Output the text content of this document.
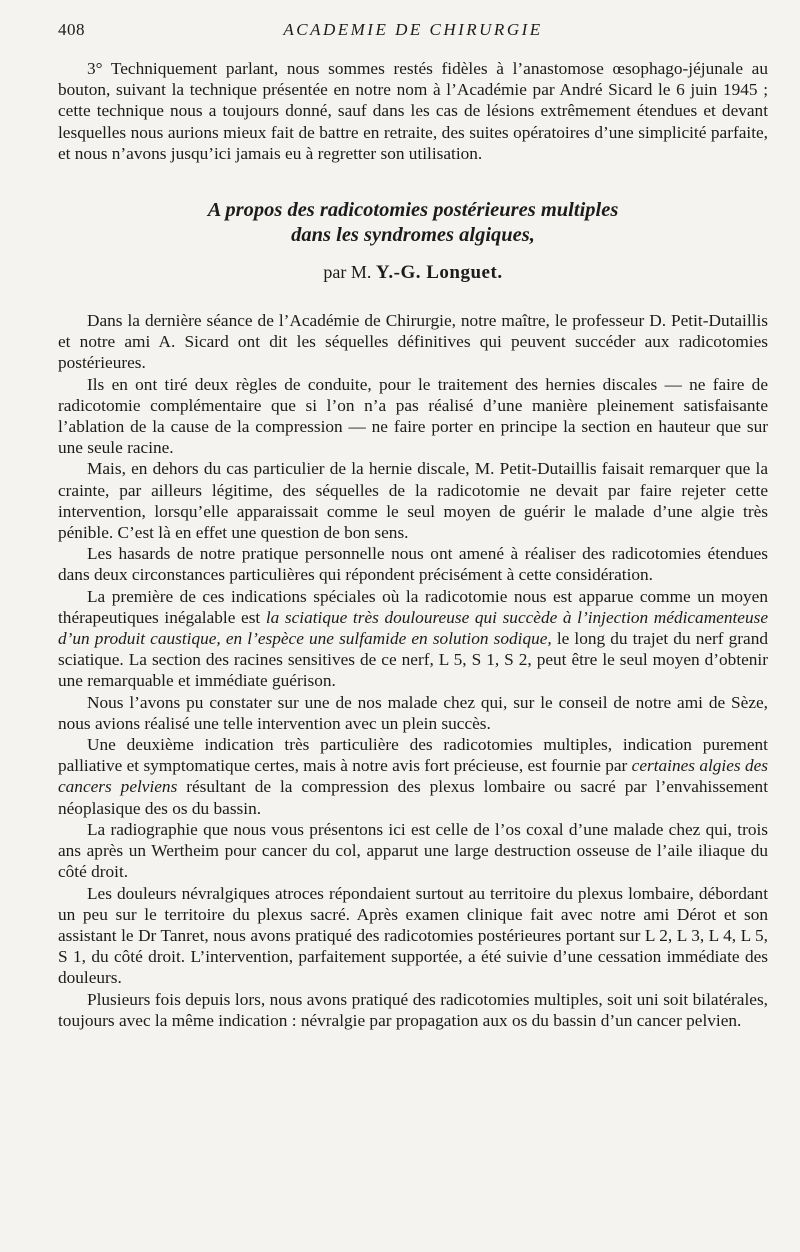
408	ACADEMIE DE CHIRURGIE

3° Techniquement parlant, nous sommes restés fidèles à l’anastomose œsophago-jéjunale au bouton, suivant la technique présentée en notre nom à l’Académie par André Sicard le 6 juin 1945 ; cette technique nous a toujours donné, sauf dans les cas de lésions extrêmement étendues et devant lesquelles nous aurions mieux fait de battre en retraite, des suites opératoires d’une simplicité parfaite, et nous n’avons jusqu’ici jamais eu à regretter son utilisation.

A propos des radicotomies postérieures multiples
dans les syndromes algiques,
par M. Y.-G. Longuet.

Dans la dernière séance de l’Académie de Chirurgie, notre maître, le professeur D. Petit-Dutaillis et notre ami A. Sicard ont dit les séquelles définitives qui peuvent succéder aux radicotomies postérieures.

Ils en ont tiré deux règles de conduite, pour le traitement des hernies discales — ne faire de radicotomie complémentaire que si l’on n’a pas réalisé d’une manière pleinement satisfaisante l’ablation de la cause de la compression — ne faire porter en principe la section en hauteur que sur une seule racine.

Mais, en dehors du cas particulier de la hernie discale, M. Petit-Dutaillis faisait remarquer que la crainte, par ailleurs légitime, des séquelles de la radicotomie ne devait par faire rejeter cette intervention, lorsqu’elle apparaissait comme le seul moyen de guérir le malade d’une algie très pénible. C’est là en effet une question de bon sens.

Les hasards de notre pratique personnelle nous ont amené à réaliser des radicotomies étendues dans deux circonstances particulières qui répondent précisément à cette considération.

La première de ces indications spéciales où la radicotomie nous est apparue comme un moyen thérapeutiques inégalable est la sciatique très douloureuse qui succède à l’injection médicamenteuse d’un produit caustique, en l’espèce une sulfamide en solution sodique, le long du trajet du nerf grand sciatique. La section des racines sensitives de ce nerf, L 5, S 1, S 2, peut être le seul moyen d’obtenir une remarquable et immédiate guérison.

Nous l’avons pu constater sur une de nos malade chez qui, sur le conseil de notre ami de Sèze, nous avions réalisé une telle intervention avec un plein succès.

Une deuxième indication très particulière des radicotomies multiples, indication purement palliative et symptomatique certes, mais à notre avis fort précieuse, est fournie par certaines algies des cancers pelviens résultant de la compression des plexus lombaire ou sacré par l’envahissement néoplasique des os du bassin.

La radiographie que nous vous présentons ici est celle de l’os coxal d’une malade chez qui, trois ans après un Wertheim pour cancer du col, apparut une large destruction osseuse de l’aile iliaque du côté droit.

Les douleurs névralgiques atroces répondaient surtout au territoire du plexus lombaire, débordant un peu sur le territoire du plexus sacré. Après examen clinique fait avec notre ami Dérot et son assistant le Dr Tanret, nous avons pratiqué des radicotomies postérieures portant sur L 2, L 3, L 4, L 5, S 1, du côté droit. L’intervention, parfaitement supportée, a été suivie d’une cessation immédiate des douleurs.

Plusieurs fois depuis lors, nous avons pratiqué des radicotomies multiples, soit uni soit bilatérales, toujours avec la même indication : névralgie par propagation aux os du bassin d’un cancer pelvien.
